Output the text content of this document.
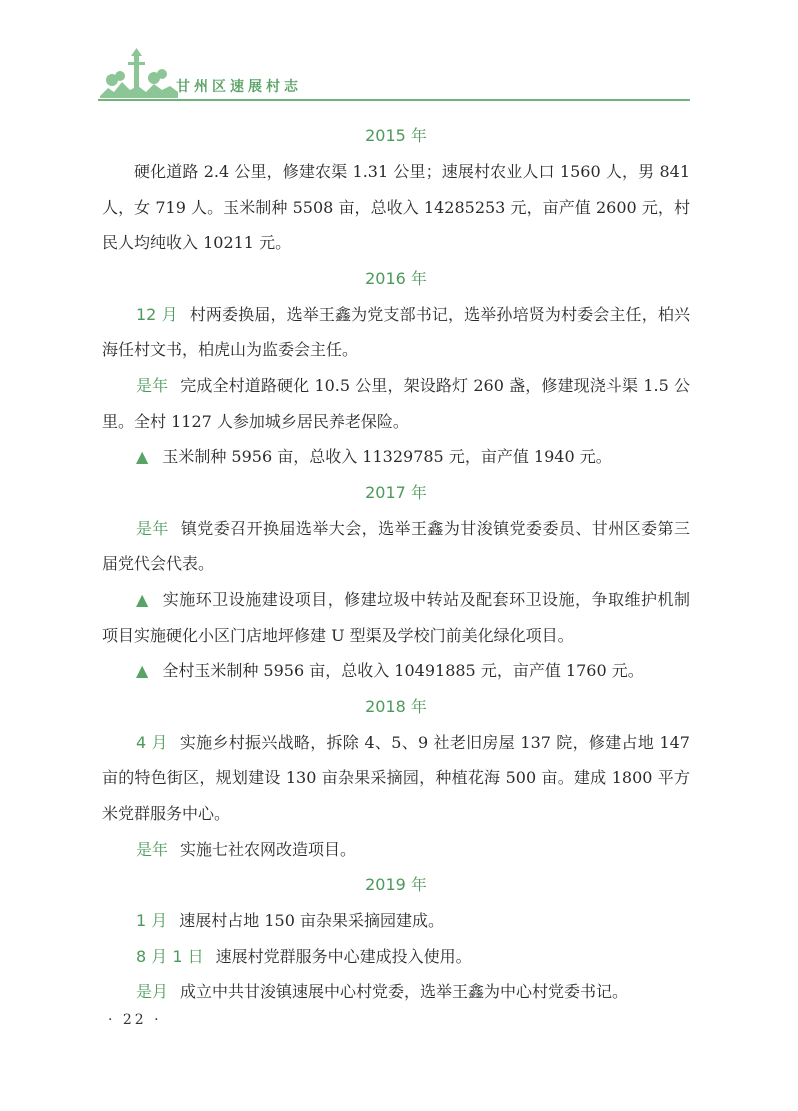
甘州区速展村志
2015 年
硬化道路 2.4 公里，修建农渠 1.31 公里；速展村农业人口 1560 人，男 841 人，女 719 人。玉米制种 5508 亩，总收入 14285253 元，亩产值 2600 元，村民人均纯收入 10211 元。
2016 年
12 月 村两委换届，选举王鑫为党支部书记，选举孙培贤为村委会主任，柏兴海任村文书，柏虎山为监委会主任。
是年 完成全村道路硬化 10.5 公里，架设路灯 260 盏，修建现浇斗渠 1.5 公里。全村 1127 人参加城乡居民养老保险。
▲ 玉米制种 5956 亩，总收入 11329785 元，亩产值 1940 元。
2017 年
是年 镇党委召开换届选举大会，选举王鑫为甘浚镇党委委员、甘州区委第三届党代会代表。
▲ 实施环卫设施建设项目，修建垃圾中转站及配套环卫设施，争取维护机制项目实施硬化小区门店地坪修建 U 型渠及学校门前美化绿化项目。
▲ 全村玉米制种 5956 亩，总收入 10491885 元，亩产值 1760 元。
2018 年
4 月 实施乡村振兴战略，拆除 4、5、9 社老旧房屋 137 院，修建占地 147 亩的特色街区，规划建设 130 亩杂果采摘园，种植花海 500 亩。建成 1800 平方米党群服务中心。
是年 实施七社农网改造项目。
2019 年
1 月 速展村占地 150 亩杂果采摘园建成。
8 月 1 日 速展村党群服务中心建成投入使用。
是月 成立中共甘浚镇速展中心村党委，选举王鑫为中心村党委书记。
· 22 ·
